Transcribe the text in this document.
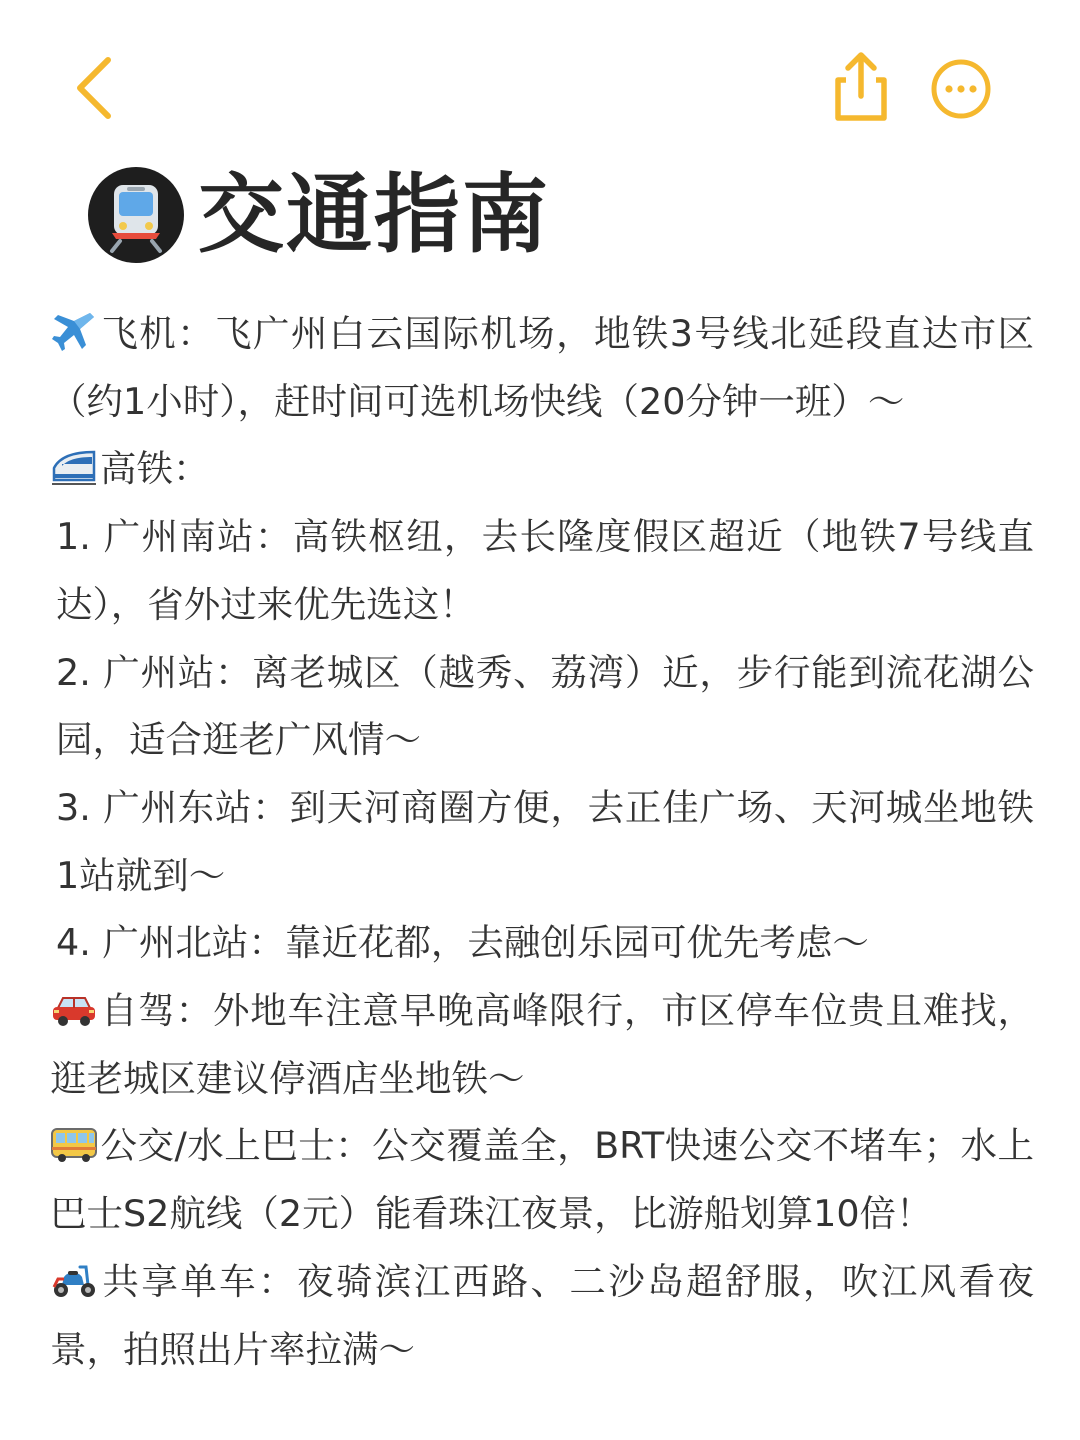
交通指南

飞机：飞广州白云国际机场，地铁3号线北延段直达市区（约1小时），赶时间可选机场快线（20分钟一班）～

高铁：

1. 广州南站：高铁枢纽，去长隆度假区超近（地铁7号线直达），省外过来优先选这！

2. 广州站：离老城区（越秀、荔湾）近，步行能到流花湖公园，适合逛老广风情～

3. 广州东站：到天河商圈方便，去正佳广场、天河城坐地铁1站就到～

4. 广州北站：靠近花都，去融创乐园可优先考虑～

自驾：外地车注意早晚高峰限行，市区停车位贵且难找，逛老城区建议停酒店坐地铁～

公交/水上巴士：公交覆盖全，BRT快速公交不堵车；水上巴士S2航线（2元）能看珠江夜景，比游船划算10倍！

共享单车：夜骑滨江西路、二沙岛超舒服，吹江风看夜景，拍照出片率拉满～
